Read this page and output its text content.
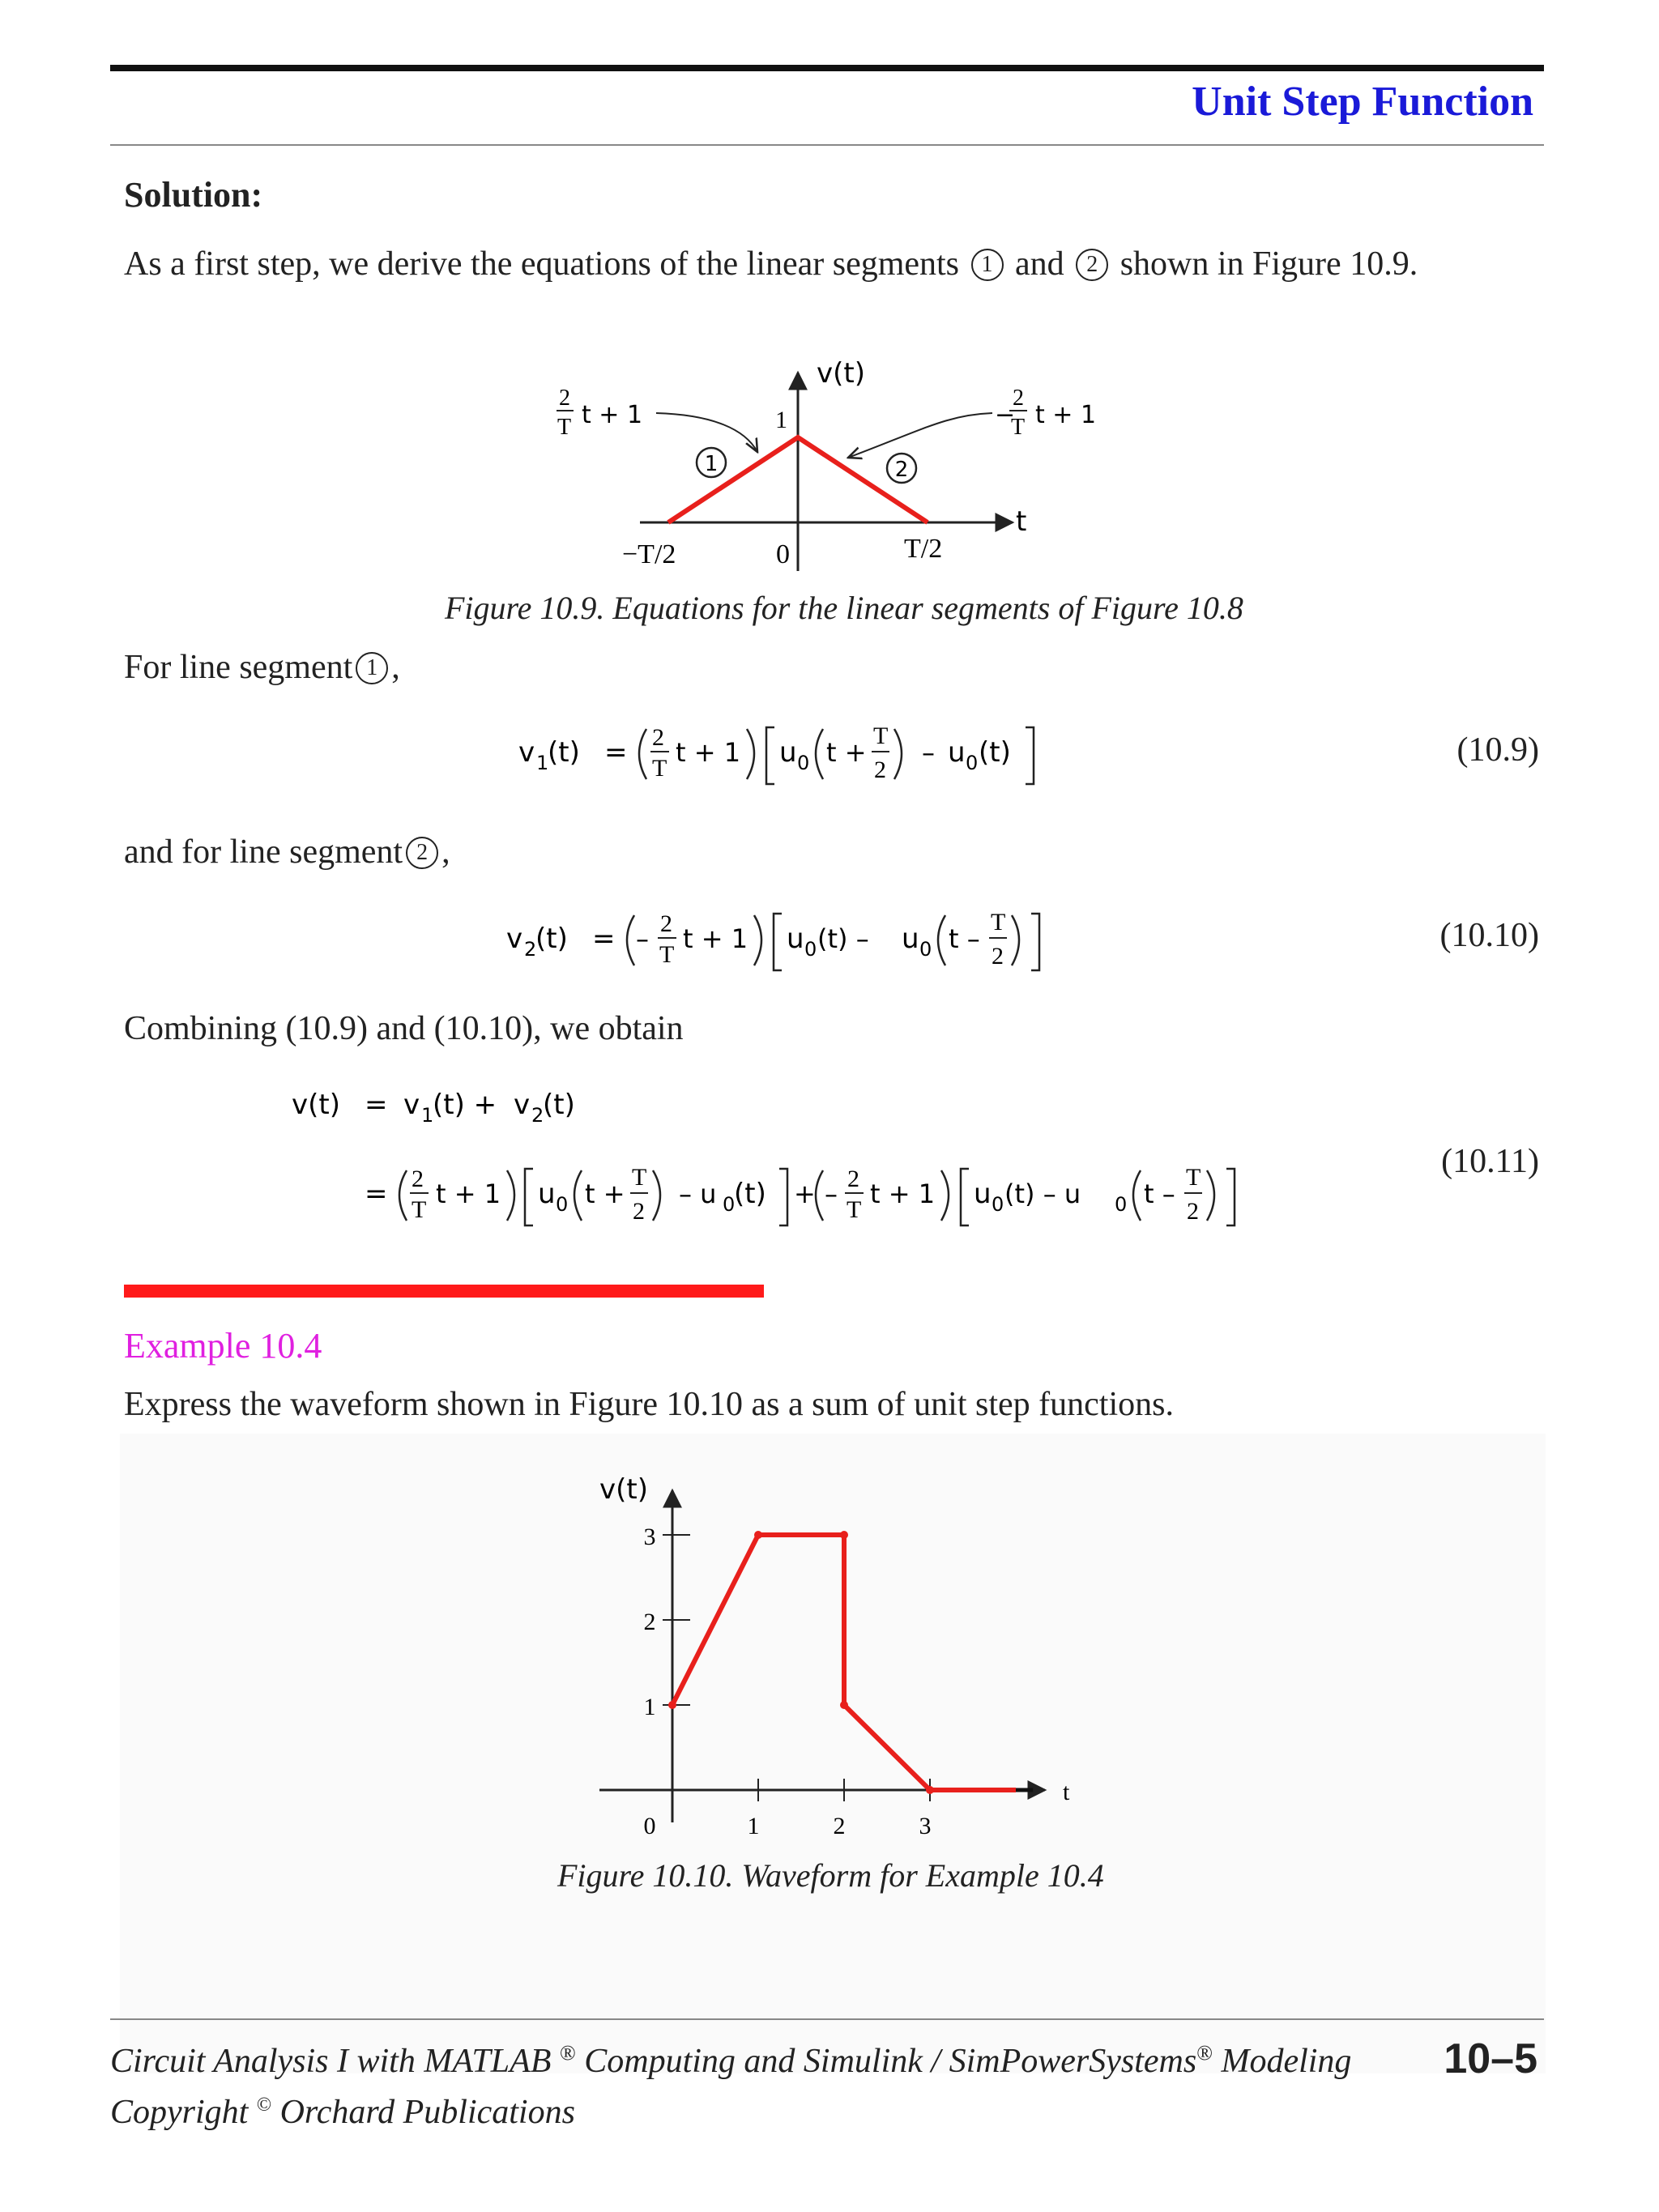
Unit Step Function
Solution:
As a first step, we derive the equations of the linear segments 1 and 2 shown in Figure 10.9.
v(t)
t
1
−T/2	0	T/2
2
T t + 1	−
2
T t + 1
1	2
Figure 10.9. Equations for the linear segments of Figure 10.8
For line segment 1 ,
v 1
(t) = 2
T
t + 1 u 0 t +
T
2
– u 0 (t)	(10.9)
and for line segment 2 ,
v 2
(t) = – 2
T
t + 1 u 0 (t) – u 0 t –
T
2
(10.10)
Combining (10.9) and (10.10), we obtain
v(t) = v 1
(t) + v 2
(t)
= 2
T
t + 1 u 0 t +
T
2
– u 0
(t) + – 2
T
t + 1 u 0 (t) – u 0 t –
T
2
(10.11)
Example 10.4
Express the waveform shown in Figure 10.10 as a sum of unit step functions.
3
2
1
0	1	2	3
v(t)
t
Figure 10.10. Waveform for Example 10.4
Circuit Analysis I with MATLAB ® Computing and Simulink / SimPowerSystems® Modeling
Copyright © Orchard Publications
10–5
